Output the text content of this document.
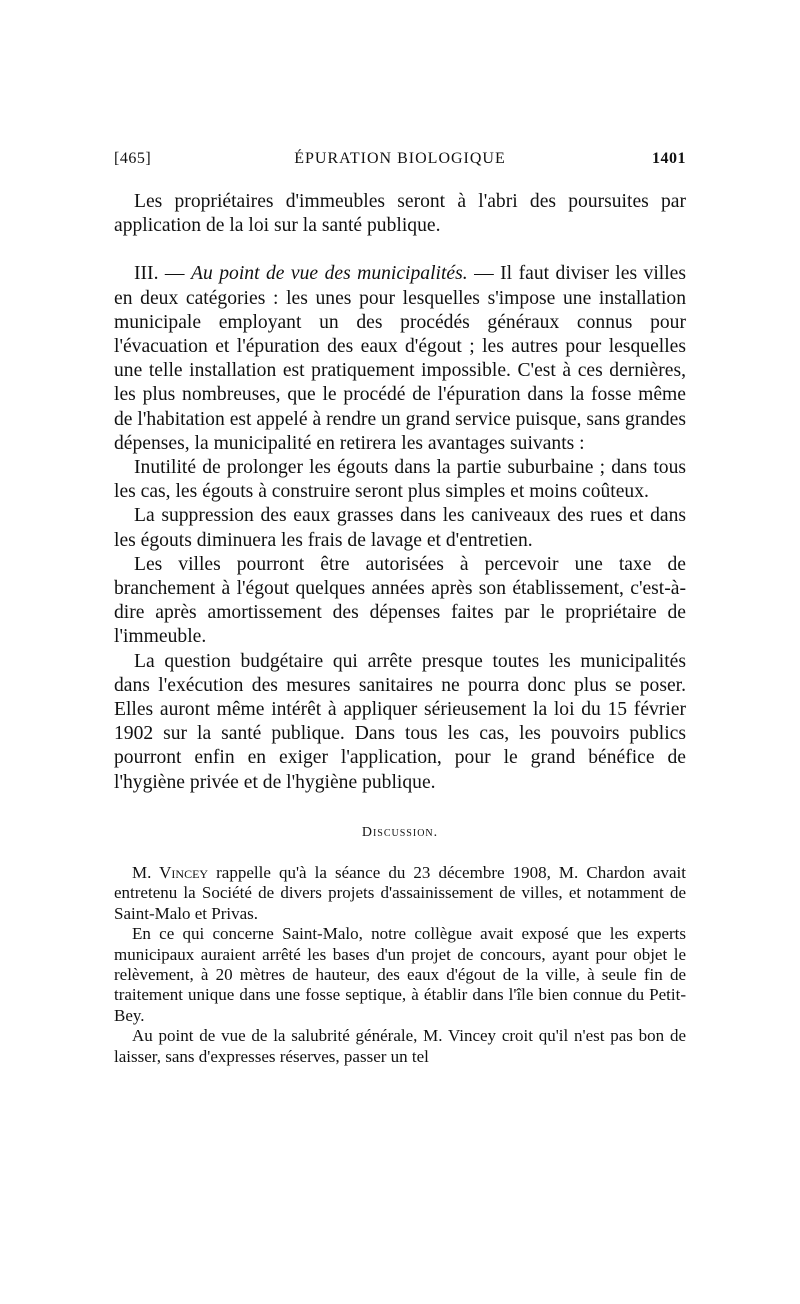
[465]	ÉPURATION BIOLOGIQUE	1401

Les propriétaires d'immeubles seront à l'abri des poursuites par application de la loi sur la santé publique.

III. — Au point de vue des municipalités. — Il faut diviser les villes en deux catégories : les unes pour lesquelles s'impose une installation municipale employant un des procédés généraux connus pour l'évacuation et l'épuration des eaux d'égout ; les autres pour lesquelles une telle installation est pratiquement impossible. C'est à ces dernières, les plus nombreuses, que le procédé de l'épuration dans la fosse même de l'habitation est appelé à rendre un grand service puisque, sans grandes dépenses, la municipalité en retirera les avantages suivants :

Inutilité de prolonger les égouts dans la partie suburbaine ; dans tous les cas, les égouts à construire seront plus simples et moins coûteux.

La suppression des eaux grasses dans les caniveaux des rues et dans les égouts diminuera les frais de lavage et d'entretien.

Les villes pourront être autorisées à percevoir une taxe de branchement à l'égout quelques années après son établissement, c'est-à-dire après amortissement des dépenses faites par le propriétaire de l'immeuble.

La question budgétaire qui arrête presque toutes les municipalités dans l'exécution des mesures sanitaires ne pourra donc plus se poser. Elles auront même intérêt à appliquer sérieusement la loi du 15 février 1902 sur la santé publique. Dans tous les cas, les pouvoirs publics pourront enfin en exiger l'application, pour le grand bénéfice de l'hygiène privée et de l'hygiène publique.

Discussion.

M. Vincey rappelle qu'à la séance du 23 décembre 1908, M. Chardon avait entretenu la Société de divers projets d'assainissement de villes, et notamment de Saint-Malo et Privas.

En ce qui concerne Saint-Malo, notre collègue avait exposé que les experts municipaux auraient arrêté les bases d'un projet de concours, ayant pour objet le relèvement, à 20 mètres de hauteur, des eaux d'égout de la ville, à seule fin de traitement unique dans une fosse septique, à établir dans l'île bien connue du Petit-Bey.

Au point de vue de la salubrité générale, M. Vincey croit qu'il n'est pas bon de laisser, sans d'expresses réserves, passer un tel
